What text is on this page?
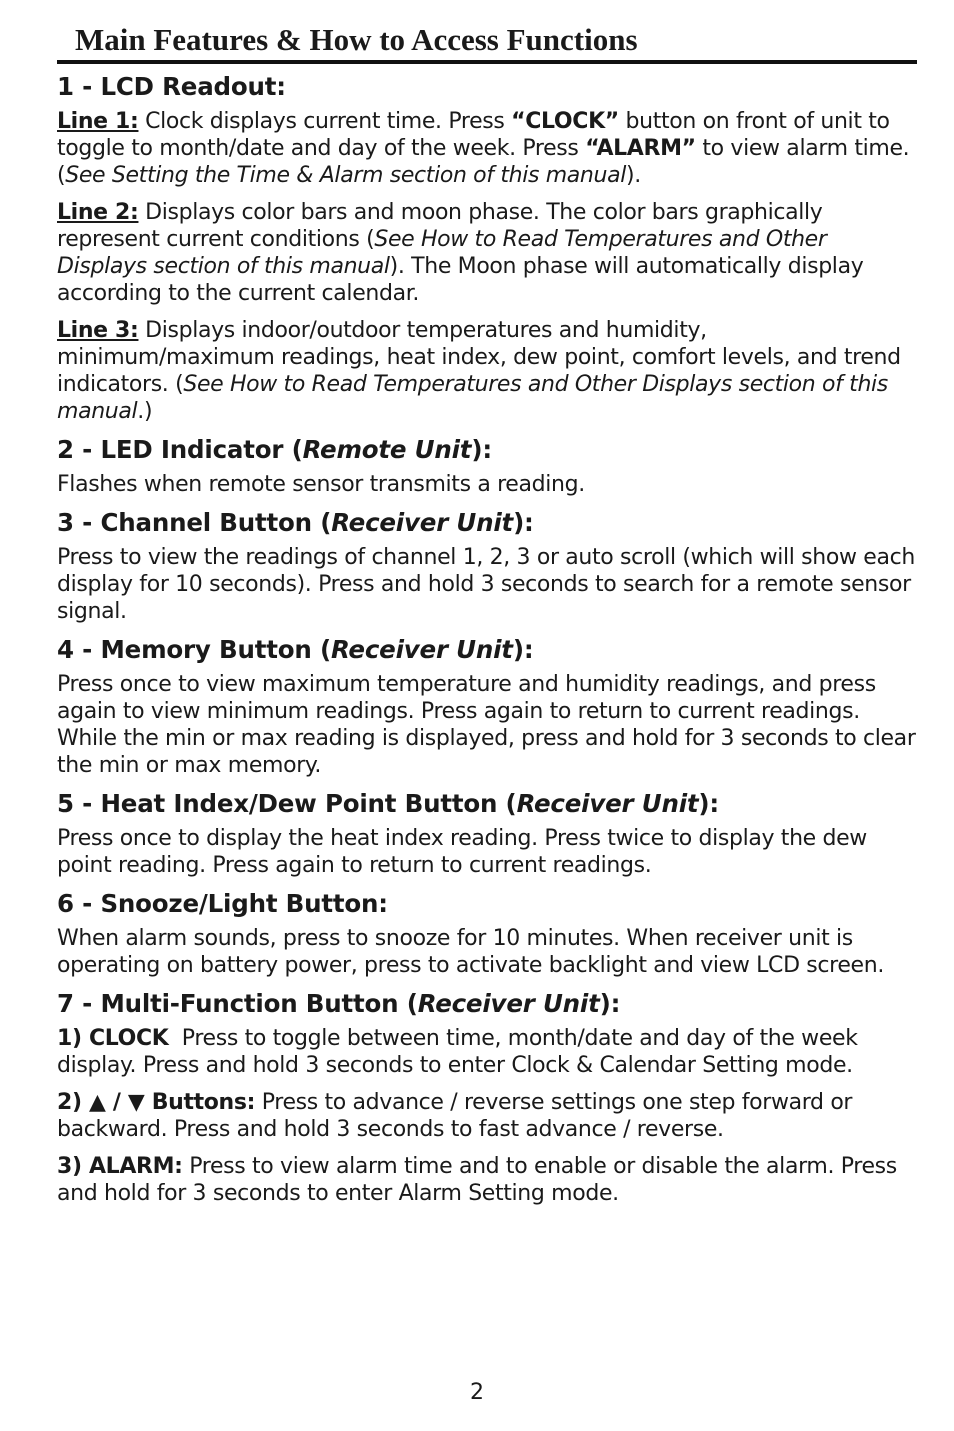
Main Features & How to Access Functions
1 - LCD Readout:

Line 1: Clock displays current time. Press “CLOCK” button on front of unit to toggle to month/date and day of the week. Press “ALARM” to view alarm time. (See Setting the Time & Alarm section of this manual).

Line 2: Displays color bars and moon phase. The color bars graphically represent current conditions (See How to Read Temperatures and Other Displays section of this manual). The Moon phase will automatically display according to the current calendar.

Line 3: Displays indoor/outdoor temperatures and humidity, minimum/maximum readings, heat index, dew point, comfort levels, and trend indicators. (See How to Read Temperatures and Other Displays section of this manual.)

2 - LED Indicator (Remote Unit):

Flashes when remote sensor transmits a reading.

3 - Channel Button (Receiver Unit):

Press to view the readings of channel 1, 2, 3 or auto scroll (which will show each display for 10 seconds). Press and hold 3 seconds to search for a remote sensor signal.

4 - Memory Button (Receiver Unit):

Press once to view maximum temperature and humidity readings, and press again to view minimum readings. Press again to return to current readings. While the min or max reading is displayed, press and hold for 3 seconds to clear the min or max memory.

5 - Heat Index/Dew Point Button (Receiver Unit):

Press once to display the heat index reading. Press twice to display the dew point reading. Press again to return to current readings.

6 - Snooze/Light Button:

When alarm sounds, press to snooze for 10 minutes. When receiver unit is operating on battery power, press to activate backlight and view LCD screen.

7 - Multi-Function Button (Receiver Unit):

1) CLOCK  Press to toggle between time, month/date and day of the week  display. Press and hold 3 seconds to enter Clock & Calendar Setting mode.

2) ▲ / ▼ Buttons: Press to advance / reverse settings one step forward or backward. Press and hold 3 seconds to fast advance / reverse.

3) ALARM: Press to view alarm time and to enable or disable the alarm. Press and hold for 3 seconds to enter Alarm Setting mode.

2
